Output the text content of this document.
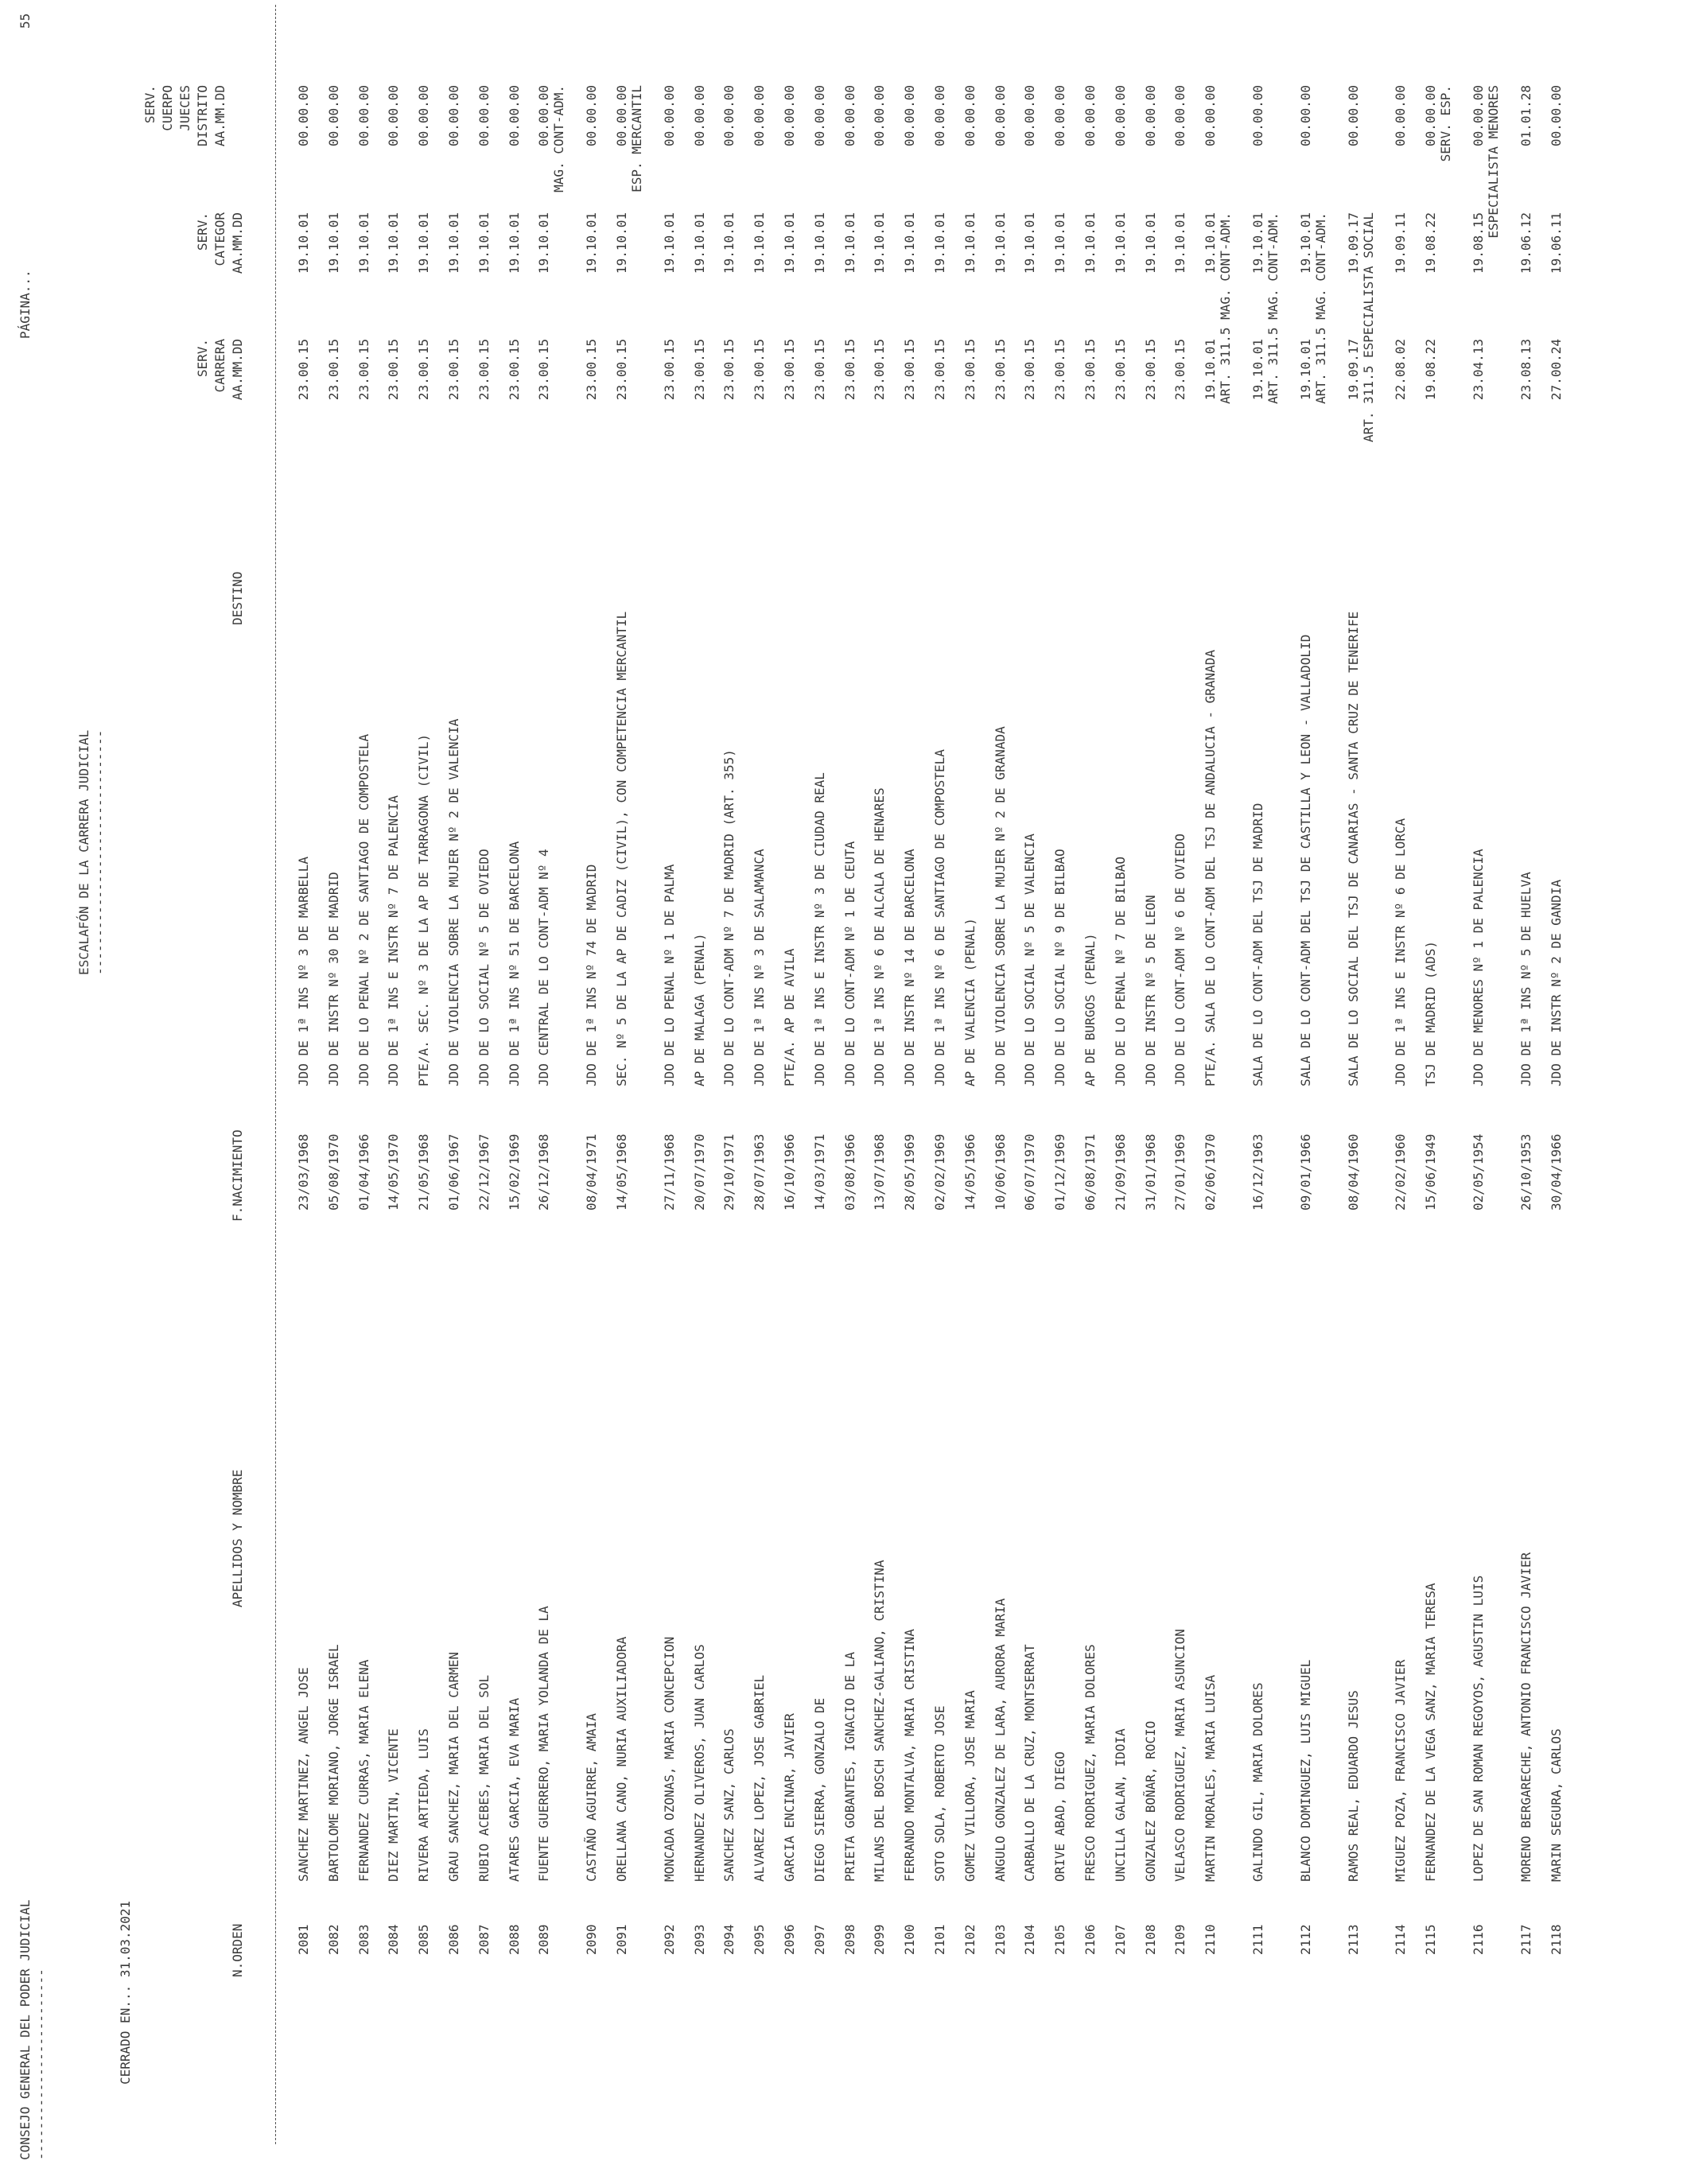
CONSEJO GENERAL DEL PODER JUDICIAL -------------------------
PÁGINA...
55
CERRADO EN... 31.03.2021
ESCALAFÓN DE LA CARRERA JUDICIAL --------------------------------
N.ORDEN
APELLIDOS Y NOMBRE
F.NACIMIENTO
DESTINO
SERV. CARRERA AA.MM.DD
SERV. CATEGOR AA.MM.DD
SERV. CUERPO JUECES DISTRITO AA.MM.DD
2081
SANCHEZ MARTINEZ, ANGEL JOSE
23/03/1968
JDO DE 1ª INS Nº 3 DE MARBELLA
23.00.15
19.10.01
00.00.00
2082
BARTOLOME MORIANO, JORGE ISRAEL
05/08/1970
JDO DE INSTR Nº 30 DE MADRID
23.00.15
19.10.01
00.00.00
2083
FERNANDEZ CURRAS, MARIA ELENA
01/04/1966
JDO DE LO PENAL Nº 2 DE SANTIAGO DE COMPOSTELA
23.00.15
19.10.01
00.00.00
2084
DIEZ MARTIN, VICENTE
14/05/1970
JDO DE 1ª INS E INSTR Nº 7 DE PALENCIA
23.00.15
19.10.01
00.00.00
2085
RIVERA ARTIEDA, LUIS
21/05/1968
PTE/A. SEC. Nº 3 DE LA AP DE TARRAGONA (CIVIL)
23.00.15
19.10.01
00.00.00
2086
GRAU SANCHEZ, MARIA DEL CARMEN
01/06/1967
JDO DE VIOLENCIA SOBRE LA MUJER Nº 2 DE VALENCIA
23.00.15
19.10.01
00.00.00
2087
RUBIO ACEBES, MARIA DEL SOL
22/12/1967
JDO DE LO SOCIAL Nº 5 DE OVIEDO
23.00.15
19.10.01
00.00.00
2088
ATARES GARCIA, EVA MARIA
15/02/1969
JDO DE 1ª INS Nº 51 DE BARCELONA
23.00.15
19.10.01
00.00.00
2089
FUENTE GUERRERO, MARIA YOLANDA DE LA
26/12/1968
JDO CENTRAL DE LO CONT-ADM Nº 4
23.00.15
19.10.01
00.00.00 MAG. CONT-ADM.
2090
CASTAÑO AGUIRRE, AMAIA
08/04/1971
JDO DE 1ª INS Nº 74 DE MADRID
23.00.15
19.10.01
00.00.00
2091
ORELLANA CANO, NURIA AUXILIADORA
14/05/1968
SEC. Nº 5 DE LA AP DE CADIZ (CIVIL), CON COMPETENCIA MERCANTIL
23.00.15
19.10.01
00.00.00 ESP. MERCANTIL
2092
MONCADA OZONAS, MARIA CONCEPCION
27/11/1968
JDO DE LO PENAL Nº 1 DE PALMA
23.00.15
19.10.01
00.00.00
2093
HERNANDEZ OLIVEROS, JUAN CARLOS
20/07/1970
AP DE MALAGA (PENAL)
23.00.15
19.10.01
00.00.00
2094
SANCHEZ SANZ, CARLOS
29/10/1971
JDO DE LO CONT-ADM Nº 7 DE MADRID (ART. 355)
23.00.15
19.10.01
00.00.00
2095
ALVAREZ LOPEZ, JOSE GABRIEL
28/07/1963
JDO DE 1ª INS Nº 3 DE SALAMANCA
23.00.15
19.10.01
00.00.00
2096
GARCIA ENCINAR, JAVIER
16/10/1966
PTE/A. AP DE AVILA
23.00.15
19.10.01
00.00.00
2097
DIEGO SIERRA, GONZALO DE
14/03/1971
JDO DE 1ª INS E INSTR Nº 3 DE CIUDAD REAL
23.00.15
19.10.01
00.00.00
2098
PRIETA GOBANTES, IGNACIO DE LA
03/08/1966
JDO DE LO CONT-ADM Nº 1 DE CEUTA
23.00.15
19.10.01
00.00.00
2099
MILANS DEL BOSCH SANCHEZ-GALIANO, CRISTINA
13/07/1968
JDO DE 1ª INS Nº 6 DE ALCALA DE HENARES
23.00.15
19.10.01
00.00.00
2100
FERRANDO MONTALVA, MARIA CRISTINA
28/05/1969
JDO DE INSTR Nº 14 DE BARCELONA
23.00.15
19.10.01
00.00.00
2101
SOTO SOLA, ROBERTO JOSE
02/02/1969
JDO DE 1ª INS Nº 6 DE SANTIAGO DE COMPOSTELA
23.00.15
19.10.01
00.00.00
2102
GOMEZ VILLORA, JOSE MARIA
14/05/1966
AP DE VALENCIA (PENAL)
23.00.15
19.10.01
00.00.00
2103
ANGULO GONZALEZ DE LARA, AURORA MARIA
10/06/1968
JDO DE VIOLENCIA SOBRE LA MUJER Nº 2 DE GRANADA
23.00.15
19.10.01
00.00.00
2104
CARBALLO DE LA CRUZ, MONTSERRAT
06/07/1970
JDO DE LO SOCIAL Nº 5 DE VALENCIA
23.00.15
19.10.01
00.00.00
2105
ORIVE ABAD, DIEGO
01/12/1969
JDO DE LO SOCIAL Nº 9 DE BILBAO
23.00.15
19.10.01
00.00.00
2106
FRESCO RODRIGUEZ, MARIA DOLORES
06/08/1971
AP DE BURGOS (PENAL)
23.00.15
19.10.01
00.00.00
2107
UNCILLA GALAN, IDOIA
21/09/1968
JDO DE LO PENAL Nº 7 DE BILBAO
23.00.15
19.10.01
00.00.00
2108
GONZALEZ BOÑAR, ROCIO
31/01/1968
JDO DE INSTR Nº 5 DE LEON
23.00.15
19.10.01
00.00.00
2109
VELASCO RODRIGUEZ, MARIA ASUNCION
27/01/1969
JDO DE LO CONT-ADM Nº 6 DE OVIEDO
23.00.15
19.10.01
00.00.00
2110
MARTIN MORALES, MARIA LUISA
02/06/1970
PTE/A. SALA DE LO CONT-ADM DEL TSJ DE ANDALUCIA - GRANADA
19.10.01
19.10.01
00.00.00
ART. 311.5 MAG. CONT-ADM.
2111
GALINDO GIL, MARIA DOLORES
16/12/1963
SALA DE LO CONT-ADM DEL TSJ DE MADRID
19.10.01
19.10.01
00.00.00
ART. 311.5 MAG. CONT-ADM.
2112
BLANCO DOMINGUEZ, LUIS MIGUEL
09/01/1966
SALA DE LO CONT-ADM DEL TSJ DE CASTILLA Y LEON - VALLADOLID
19.10.01
19.10.01
00.00.00
ART. 311.5 MAG. CONT-ADM.
2113
RAMOS REAL, EDUARDO JESUS
08/04/1960
SALA DE LO SOCIAL DEL TSJ DE CANARIAS - SANTA CRUZ DE TENERIFE
19.09.17
19.09.17
00.00.00
ART. 311.5 ESPECIALISTA SOCIAL
2114
MIGUEZ POZA, FRANCISCO JAVIER
22/02/1960
JDO DE 1ª INS E INSTR Nº 6 DE LORCA
22.08.02
19.09.11
00.00.00
2115
FERNANDEZ DE LA VEGA SANZ, MARIA TERESA
15/06/1949
TSJ DE MADRID (ADS)
19.08.22
19.08.22
00.00.00 SERV. ESP.
2116
LOPEZ DE SAN ROMAN REGOYOS, AGUSTIN LUIS
02/05/1954
JDO DE MENORES Nº 1 DE PALENCIA
23.04.13
19.08.15
00.00.00 ESPECIALISTA MENORES
2117
MORENO BERGARECHE, ANTONIO FRANCISCO JAVIER
26/10/1953
JDO DE 1ª INS Nº 5 DE HUELVA
23.08.13
19.06.12
01.01.28
2118
MARIN SEGURA, CARLOS
30/04/1966
JDO DE INSTR Nº 2 DE GANDIA
27.00.24
19.06.11
00.00.00
